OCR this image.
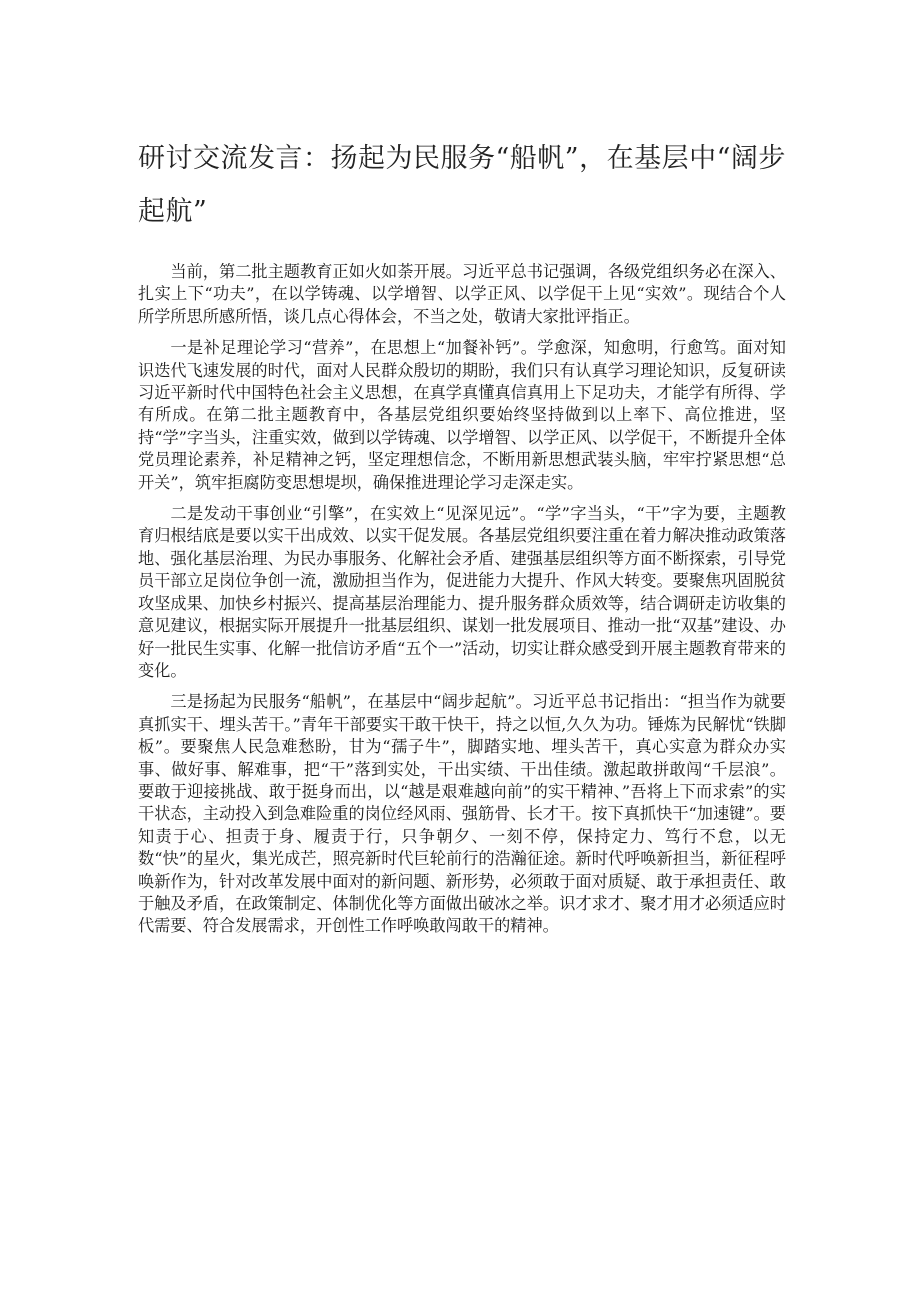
研讨交流发言：扬起为民服务“船帆”，在基层中“阔步起航”

当前，第二批主题教育正如火如荼开展。习近平总书记强调，各级党组织务必在深入、扎实上下“功夫”，在以学铸魂、以学增智、以学正风、以学促干上见“实效”。现结合个人所学所思所感所悟，谈几点心得体会，不当之处，敬请大家批评指正。

一是补足理论学习“营养”，在思想上“加餐补钙”。学愈深，知愈明，行愈笃。面对知识迭代飞速发展的时代，面对人民群众殷切的期盼，我们只有认真学习理论知识，反复研读习近平新时代中国特色社会主义思想，在真学真懂真信真用上下足功夫，才能学有所得、学有所成。在第二批主题教育中，各基层党组织要始终坚持做到以上率下、高位推进，坚持“学”字当头，注重实效，做到以学铸魂、以学增智、以学正风、以学促干，不断提升全体党员理论素养，补足精神之钙，坚定理想信念，不断用新思想武装头脑，牢牢拧紧思想“总开关”，筑牢拒腐防变思想堤坝，确保推进理论学习走深走实。

二是发动干事创业“引擎”，在实效上“见深见远”。“学”字当头，“干”字为要，主题教育归根结底是要以实干出成效、以实干促发展。各基层党组织要注重在着力解决推动政策落地、强化基层治理、为民办事服务、化解社会矛盾、建强基层组织等方面不断探索，引导党员干部立足岗位争创一流，激励担当作为，促进能力大提升、作风大转变。要聚焦巩固脱贫攻坚成果、加快乡村振兴、提高基层治理能力、提升服务群众质效等，结合调研走访收集的意见建议，根据实际开展提升一批基层组织、谋划一批发展项目、推动一批“双基”建设、办好一批民生实事、化解一批信访矛盾“五个一”活动，切实让群众感受到开展主题教育带来的变化。

三是扬起为民服务“船帆”，在基层中“阔步起航”。习近平总书记指出：“担当作为就要真抓实干、埋头苦干。”青年干部要实干敢干快干，持之以恒,久久为功。锤炼为民解忧“铁脚板”。要聚焦人民急难愁盼，甘为“孺子牛”，脚踏实地、埋头苦干，真心实意为群众办实事、做好事、解难事，把“干”落到实处，干出实绩、干出佳绩。激起敢拼敢闯“千层浪”。要敢于迎接挑战、敢于挺身而出，以“越是艰难越向前”的实干精神、”吾将上下而求索”的实干状态，主动投入到急难险重的岗位经风雨、强筋骨、长才干。按下真抓快干“加速键”。要知责于心、担责于身、履责于行，只争朝夕、一刻不停，保持定力、笃行不怠，以无数“快”的星火，集光成芒，照亮新时代巨轮前行的浩瀚征途。新时代呼唤新担当，新征程呼唤新作为，针对改革发展中面对的新问题、新形势，必须敢于面对质疑、敢于承担责任、敢于触及矛盾，在政策制定、体制优化等方面做出破冰之举。识才求才、聚才用才必须适应时代需要、符合发展需求，开创性工作呼唤敢闯敢干的精神。
